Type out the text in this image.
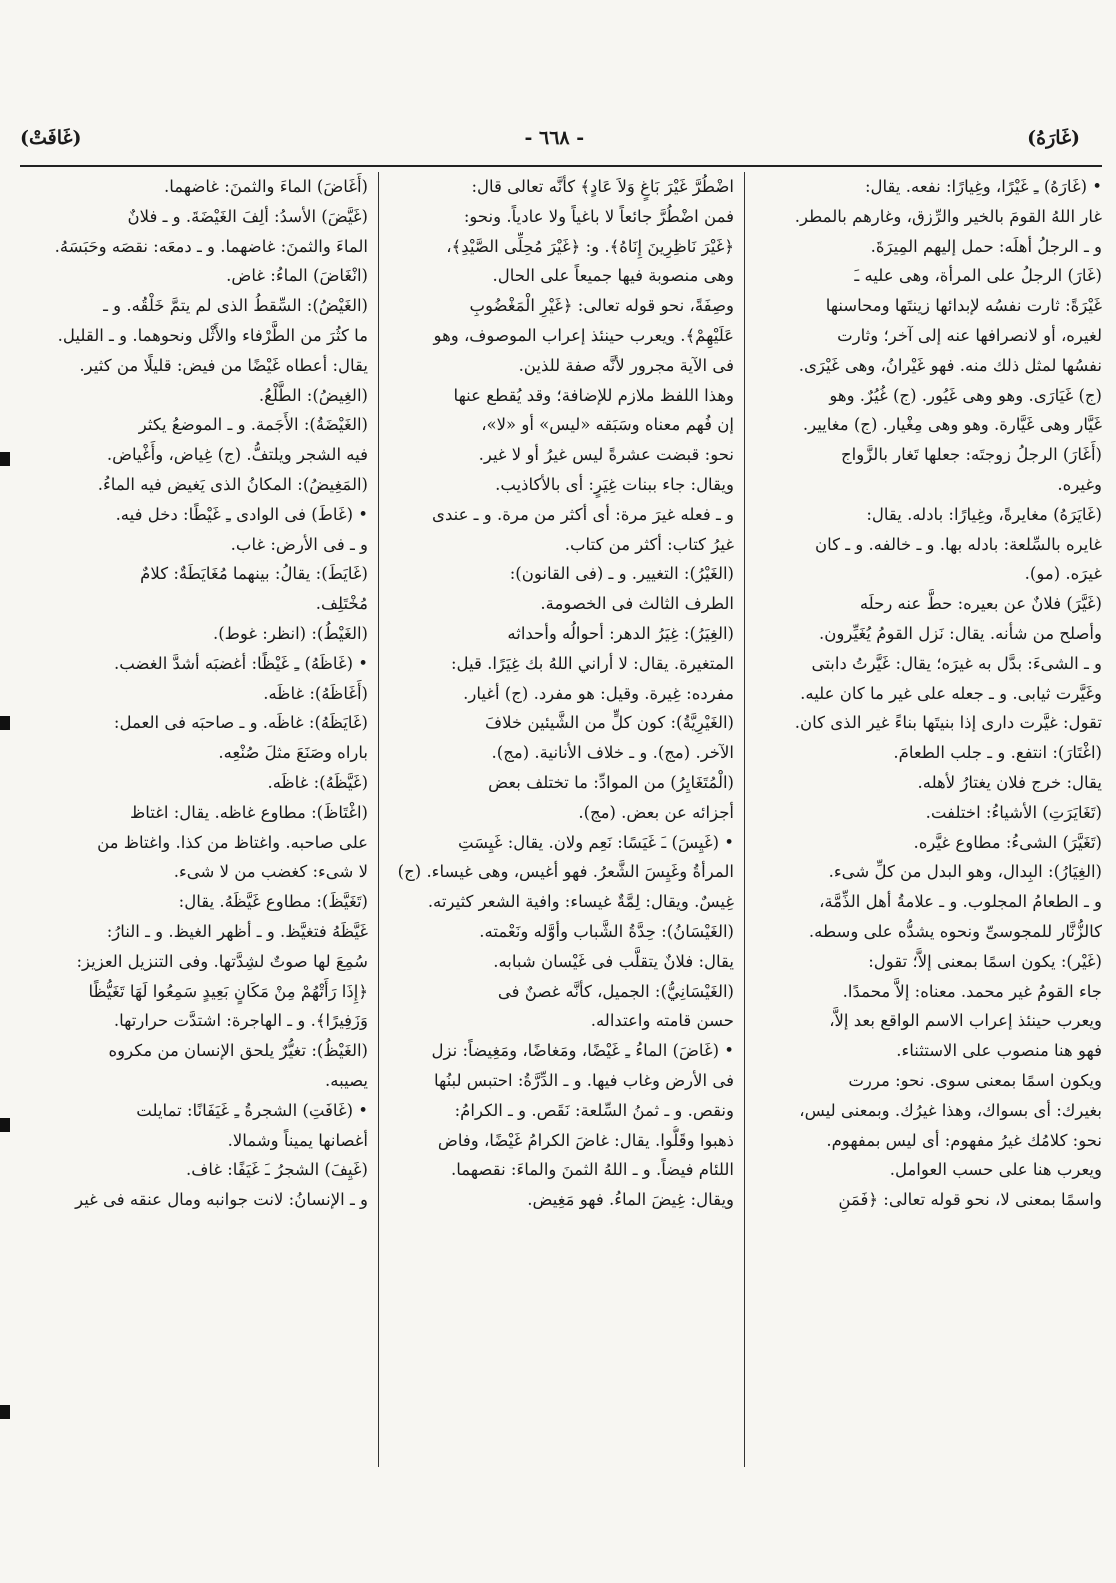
(غَارَهُ)
- ٦٦٨ -
(غَافَتْ)
• (غَارَهُ) ـِ غَيْرًا، وغِيارًا: نفعه. يقال:
غار اللهُ القومَ بالخير والرِّزق، وغارهم بالمطر.
و ـ الرجلُ أهلَه: حمل إليهم المِيرَةَ.
(غَارَ) الرجلُ على المرأة، وهى عليه ـَ
غَيْرَةً: ثارت نفسُه لإبدائها زينتَها ومحاسنها
لغيره، أو لانصرافها عنه إلى آخر؛ وثارت
نفسُها لمثل ذلك منه. فهو غَيْرانُ، وهى غَيْرَى.
(ج) غَيَارَى. وهو وهى غَيُور. (ج) غُيُرٌ. وهو
غَيَّار وهى غَيَّارة. وهو وهى مِغْيار. (ج) مغايير.
(أَغَارَ) الرجلُ زوجتَه: جعلها تَغار بالزَّواج
وغيره.
(غَايَرَهُ) مغايرةً، وغِيارًا: بادله. يقال:
غايره بالسِّلعة: بادله بها. و ـ خالفه. و ـ كان
غيرَه. (مو).
(غَيَّرَ) فلانٌ عن بعيره: حطَّ عنه رحلَه
وأصلح من شأنه. يقال: نَزل القومُ يُغَيِّرون.
و ـ الشىءَ: بدَّل به غيرَه؛ يقال: غَيَّرتُ دابتى
وغَيَّرت ثيابى. و ـ جعله على غير ما كان عليه.
تقول: غيَّرت دارى إذا بنيتَها بناءً غير الذى كان.
(اغْتَارَ): انتفع. و ـ جلب الطعامَ.
يقال: خرج فلان يغتارُ لأهله.
(تَغَايَرَتِ) الأشياءُ: اختلفت.
(تَغَيَّرَ) الشىءُ: مطاوع غيَّره.
(الغِيَارُ): البِدال، وهو البدل من كلِّ شىء.
و ـ الطعامُ المجلوب. و ـ علامةُ أهل الذِّمَّة،
كالزُّنَّار للمجوسىِّ ونحوه يشدُّه على وسطه.
(غَيْر): يكون اسمًا بمعنى إلاَّ؛ تقول:
جاء القومُ غير محمد. معناه: إلاَّ محمدًا.
ويعرب حينئذ إعراب الاسم الواقع بعد إلاَّ،
فهو هنا منصوب على الاستثناء.
ويكون اسمًا بمعنى سوى. نحو: مررت
بغيرك: أى بسواك، وهذا غيرُك. وبمعنى ليس،
نحو: كلامُك غيرُ مفهوم: أى ليس بمفهوم.
ويعرب هنا على حسب العوامل.
واسمًا بمعنى لا، نحو قوله تعالى: ﴿فَمَنِ
اضْطُرَّ غَيْرَ بَاغٍ وَلاَ عَادٍ﴾ كأنَّه تعالى قال:
فمن اضْطُرَّ جائعاً لا باغياً ولا عادياً. ونحو:
﴿غَيْرَ نَاظِرِينَ إِنَاهُ﴾. و: ﴿غَيْرَ مُحِلِّى الصَّيْدِ﴾،
وهى منصوبة فيها جميعاً على الحال.
وصِفَةً، نحو قوله تعالى: ﴿غَيْرِ الْمَغْضُوبِ
عَلَيْهِمْ﴾. ويعرب حينئذ إعراب الموصوف، وهو
فى الآية مجرور لأنَّه صفة للذين.
وهذا اللفظ ملازم للإضافة؛ وقد يُقطع عنها
إن فُهم معناه وسَبَقه «ليس» أو «لا»،
نحو: قبضت عشرةً ليس غيرُ أو لا غير.
ويقال: جاء ببنات غِيَرٍ: أى بالأكاذيب.
و ـ فعله غيرَ مرة: أى أكثر من مرة. و ـ عندى
غيرُ كتاب: أكثر من كتاب.
(الغَيْرُ): التغيير. و ـ (فى القانون):
الطرف الثالث فى الخصومة.
(الغِيَرُ): غِيَرُ الدهر: أحوالُه وأحداثه
المتغيرة. يقال: لا أراني اللهُ بك غِيَرًا. قيل:
مفرده: غِيرة. وقيل: هو مفرد. (ج) أغيار.
(الغَيْرِيَّةُ): كون كلٍّ من الشَّيئين خلافَ
الآخر. (مج). و ـ خلاف الأنانية. (مج).
(الْمُتَغَايِرُ) من الموادِّ: ما تختلف بعض
أجزائه عن بعض. (مج).
• (غَيِسَ) ـَ غَيَسًا: نَعِم ولان. يقال: غَيِسَتِ
المرأةُ وغَيِسَ الشَّعرُ. فهو أغيس، وهى غيساء. (ج)
غِيسٌ. ويقال: لِمَّةٌ غيساء: وافية الشعر كثيرته.
(الغَيْسَانُ): حِدَّةُ الشَّباب وأوَّله ونَعْمته.
يقال: فلانٌ يتقلَّب فى غَيْسان شبابه.
(الغَيْسَانِيُّ): الجميل، كأنَّه غصنٌ فى
حسن قامته واعتداله.
• (غَاضَ) الماءُ ـِ غَيْضًا، ومَغاضًا، ومَغِيضاً: نزل
فى الأرض وغاب فيها. و ـ الدِّرَّةُ: احتبس لبنُها
ونقص. و ـ ثمنُ السِّلعة: نَقَص. و ـ الكرامُ:
ذهبوا وقَلُّوا. يقال: غاضَ الكرامُ غَيْضًا، وفاض
اللئام فيضاً. و ـ اللهُ الثمنَ والماءَ: نقصهما.
ويقال: غِيضَ الماءُ. فهو مَغِيض.
(أَغَاضَ) الماءَ والثمنَ: غاضهما.
(غَيَّضَ) الأسدُ: ألِفَ الغَيْضَةَ. و ـ فلانٌ
الماءَ والثمنَ: غاضهما. و ـ دمعَه: نقصَه وحَبَسَهُ.
(انْغَاضَ) الماءُ: غاض.
(الغَيْضُ): السِّقطُ الذى لم يتمَّ خَلْقُه. و ـ
ما كثُرَ من الطَّرْفاء والأَثْل ونحوهما. و ـ القليل.
يقال: أعطاه غَيْضًا من فيض: قليلًا من كثير.
(الغِيضُ): الطَّلْعُ.
(الغَيْضَةُ): الأَجَمة. و ـ الموضعُ يكثر
فيه الشجر ويلتفُّ. (ج) غِياض، وأَغْياض.
(المَغِيضُ): المكانُ الذى يَغيض فيه الماءُ.
• (غَاطَ) فى الوادى ـِ غَيْطًا: دخل فيه.
و ـ فى الأرض: غاب.
(غَايَطَ): يقالُ: بينهما مُغَايَطَةٌ: كلامٌ
مُخْتَلِف.
(الغَيْطُ): (انظر: غوط).
• (غَاظَهُ) ـِ غَيْظًا: أغضبَه أشدَّ الغضب.
(أَغَاظَهُ): غاظَه.
(غَايَظَهُ): غاظَه. و ـ صاحبَه فى العمل:
باراه وصَنَعَ مثلَ صُنْعِه.
(غَيَّظَهُ): غاظَه.
(اغْتَاظَ): مطاوع غاظه. يقال: اغتاظ
على صاحبه. واغتاظ من كذا. واغتاظ من
لا شىء: كغضب من لا شىء.
(تَغَيَّظَ): مطاوع غَيَّظَهُ. يقال:
غَيَّظَهُ فتغيَّظ. و ـ أظهر الغيظ. و ـ النارُ:
سُمِعَ لها صوتٌ لشِدَّتها. وفى التنزيل العزيز:
﴿إِذَا رَأَتْهُمْ مِنْ مَكَانٍ بَعِيدٍ سَمِعُوا لَهَا تَغَيُّظًا
وَزَفِيرًا﴾. و ـ الهاجرة: اشتدَّت حرارتها.
(الغَيْظُ): تغيُّرٌ يلحق الإنسان من مكروه
يصيبه.
• (غَافَتِ) الشجرةُ ـِ غَيَفَانًا: تمايلت
أغصانها يميناً وشمالا.
(غَيِفَ) الشجرُ ـَ غَيَفًا: غاف.
و ـ الإنسانُ: لانت جوانبه ومال عنقه فى غير
